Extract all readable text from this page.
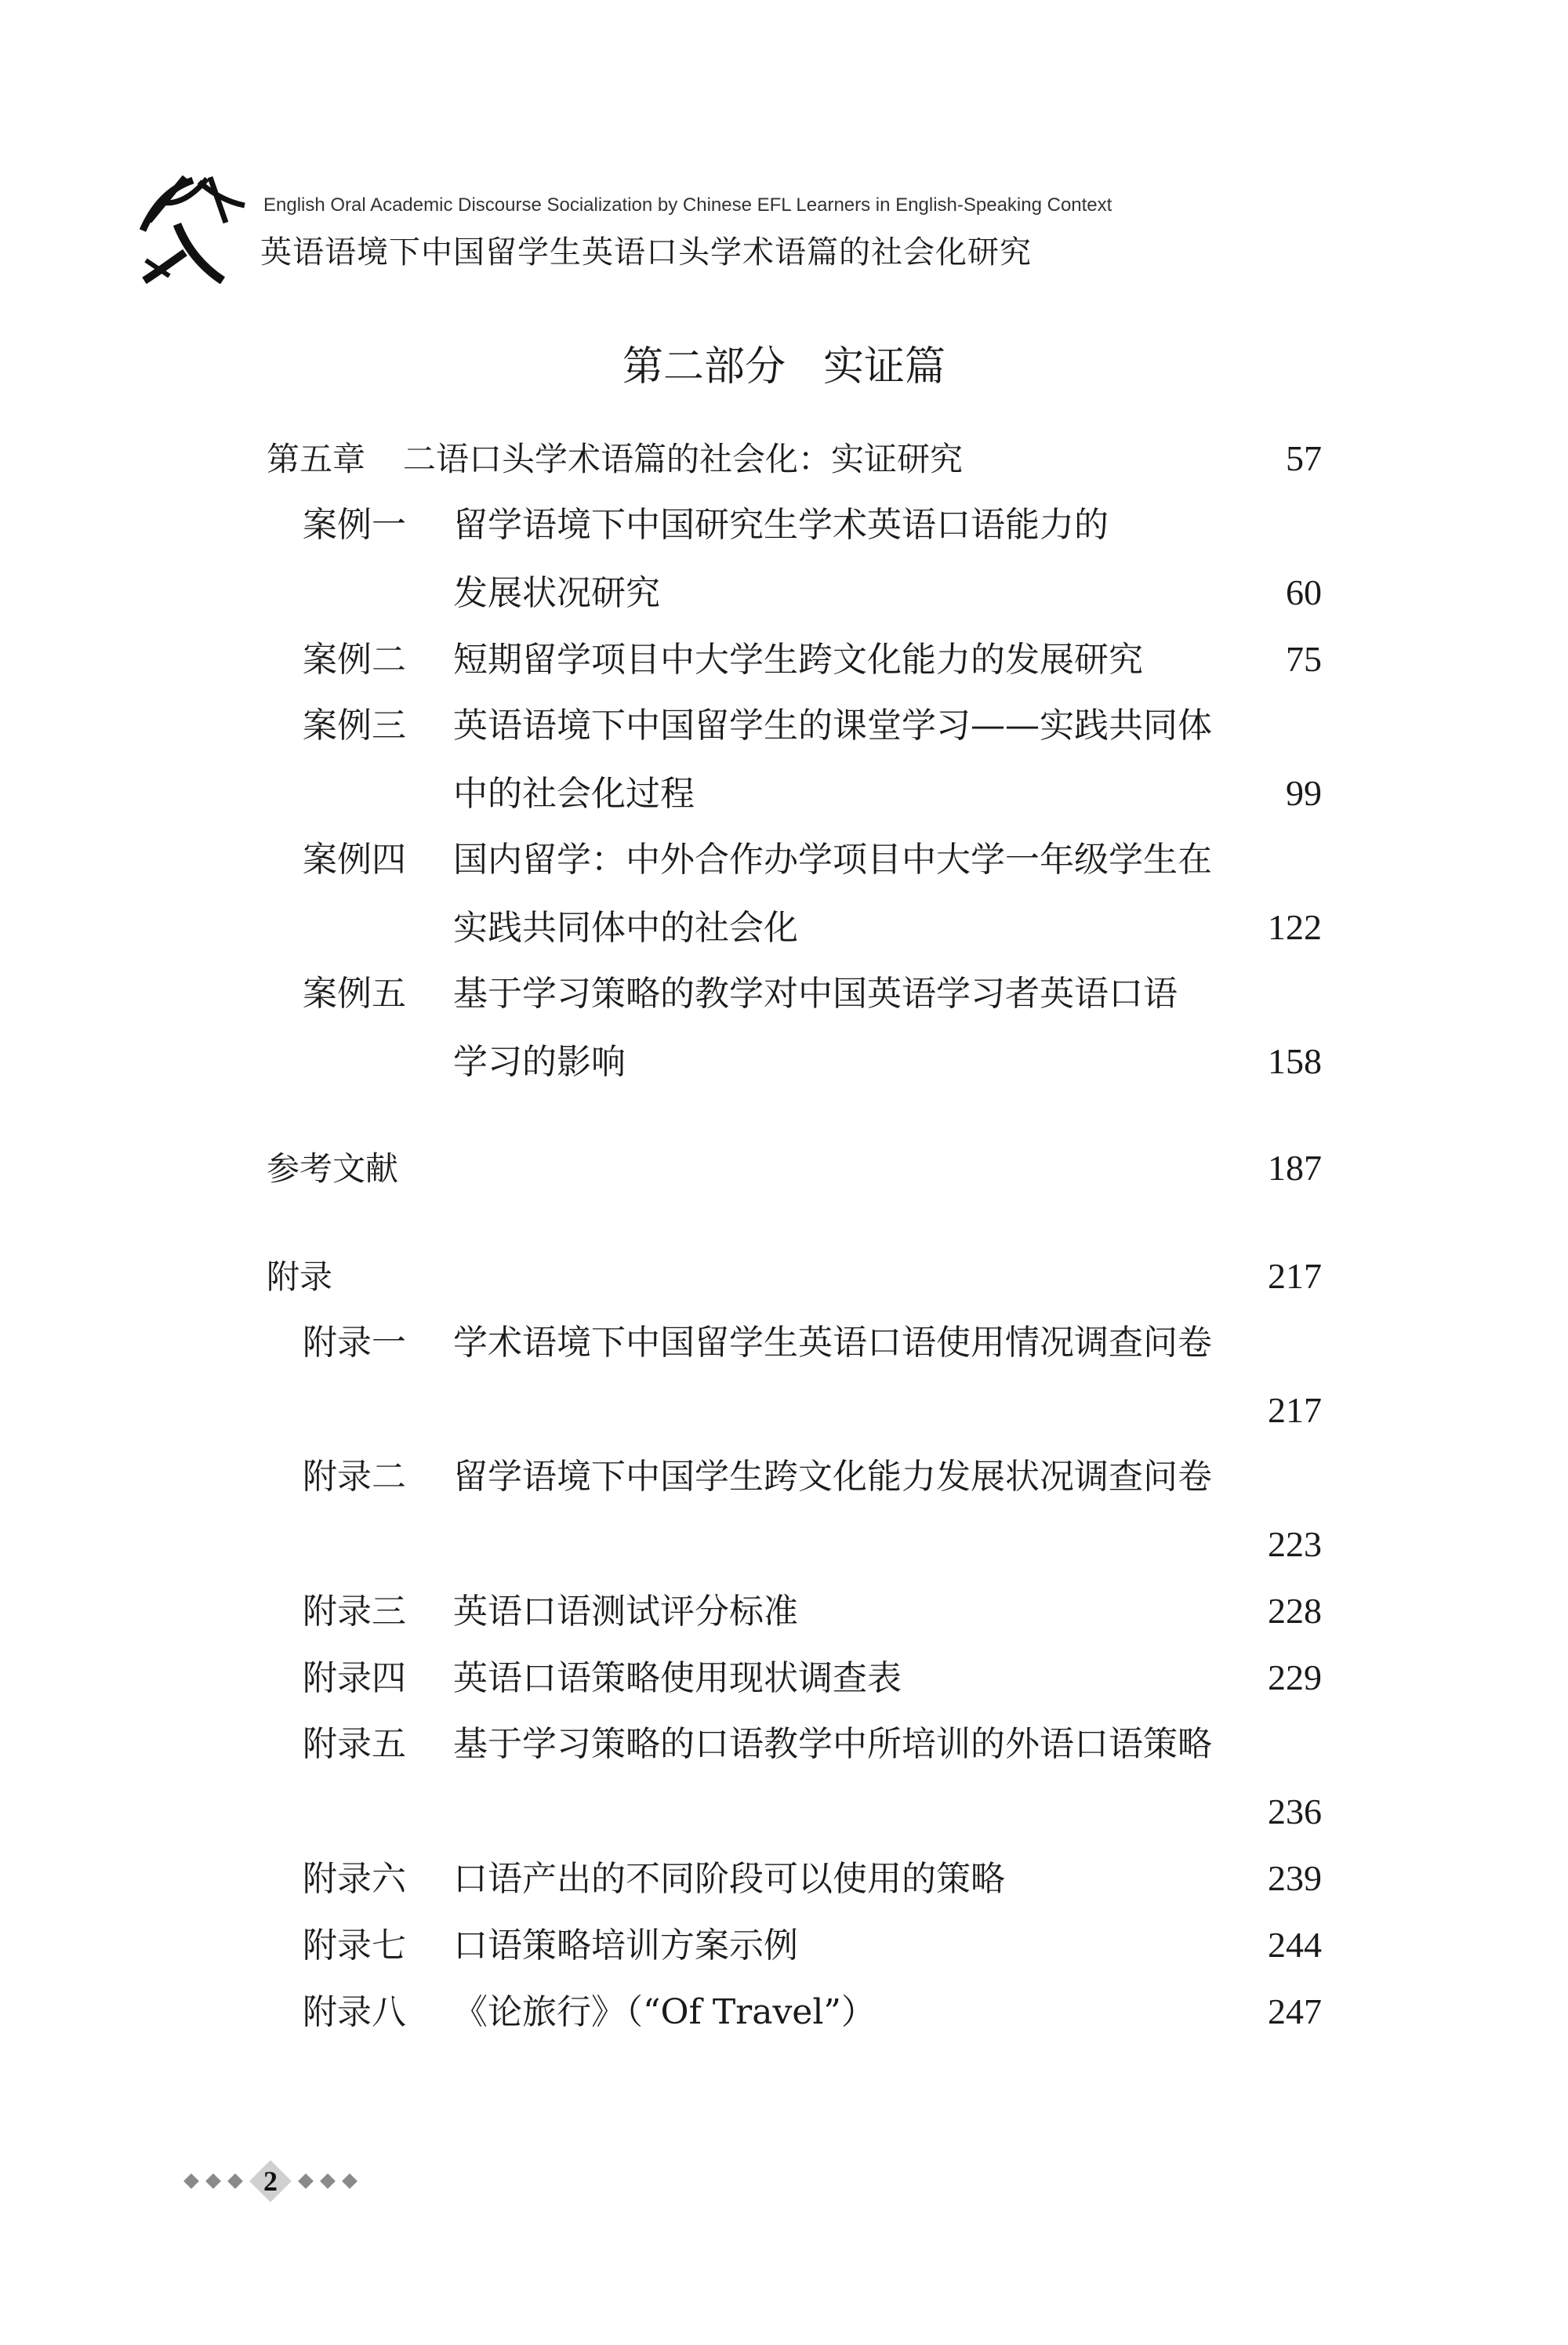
English Oral Academic Discourse Socialization by Chinese EFL Learners in English-Speaking Context
英语语境下中国留学生英语口头学术语篇的社会化研究
第二部分 实证篇
第五章 二语口头学术语篇的社会化：实证研究	57
案例一	留学语境下中国研究生学术英语口语能力的
发展状况研究	60
案例二	短期留学项目中大学生跨文化能力的发展研究	75
案例三	英语语境下中国留学生的课堂学习——实践共同体
中的社会化过程	99
案例四	国内留学：中外合作办学项目中大学一年级学生在
实践共同体中的社会化	122
案例五	基于学习策略的教学对中国英语学习者英语口语
学习的影响	158
参考文献	187
附录	217
附录一	学术语境下中国留学生英语口语使用情况调查问卷
217
附录二	留学语境下中国学生跨文化能力发展状况调查问卷
223
附录三	英语口语测试评分标准	228
附录四	英语口语策略使用现状调查表	229
附录五	基于学习策略的口语教学中所培训的外语口语策略
236
附录六	口语产出的不同阶段可以使用的策略	239
附录七	口语策略培训方案示例	244
附录八	《论旅行》（“Of Travel”）	247
2
